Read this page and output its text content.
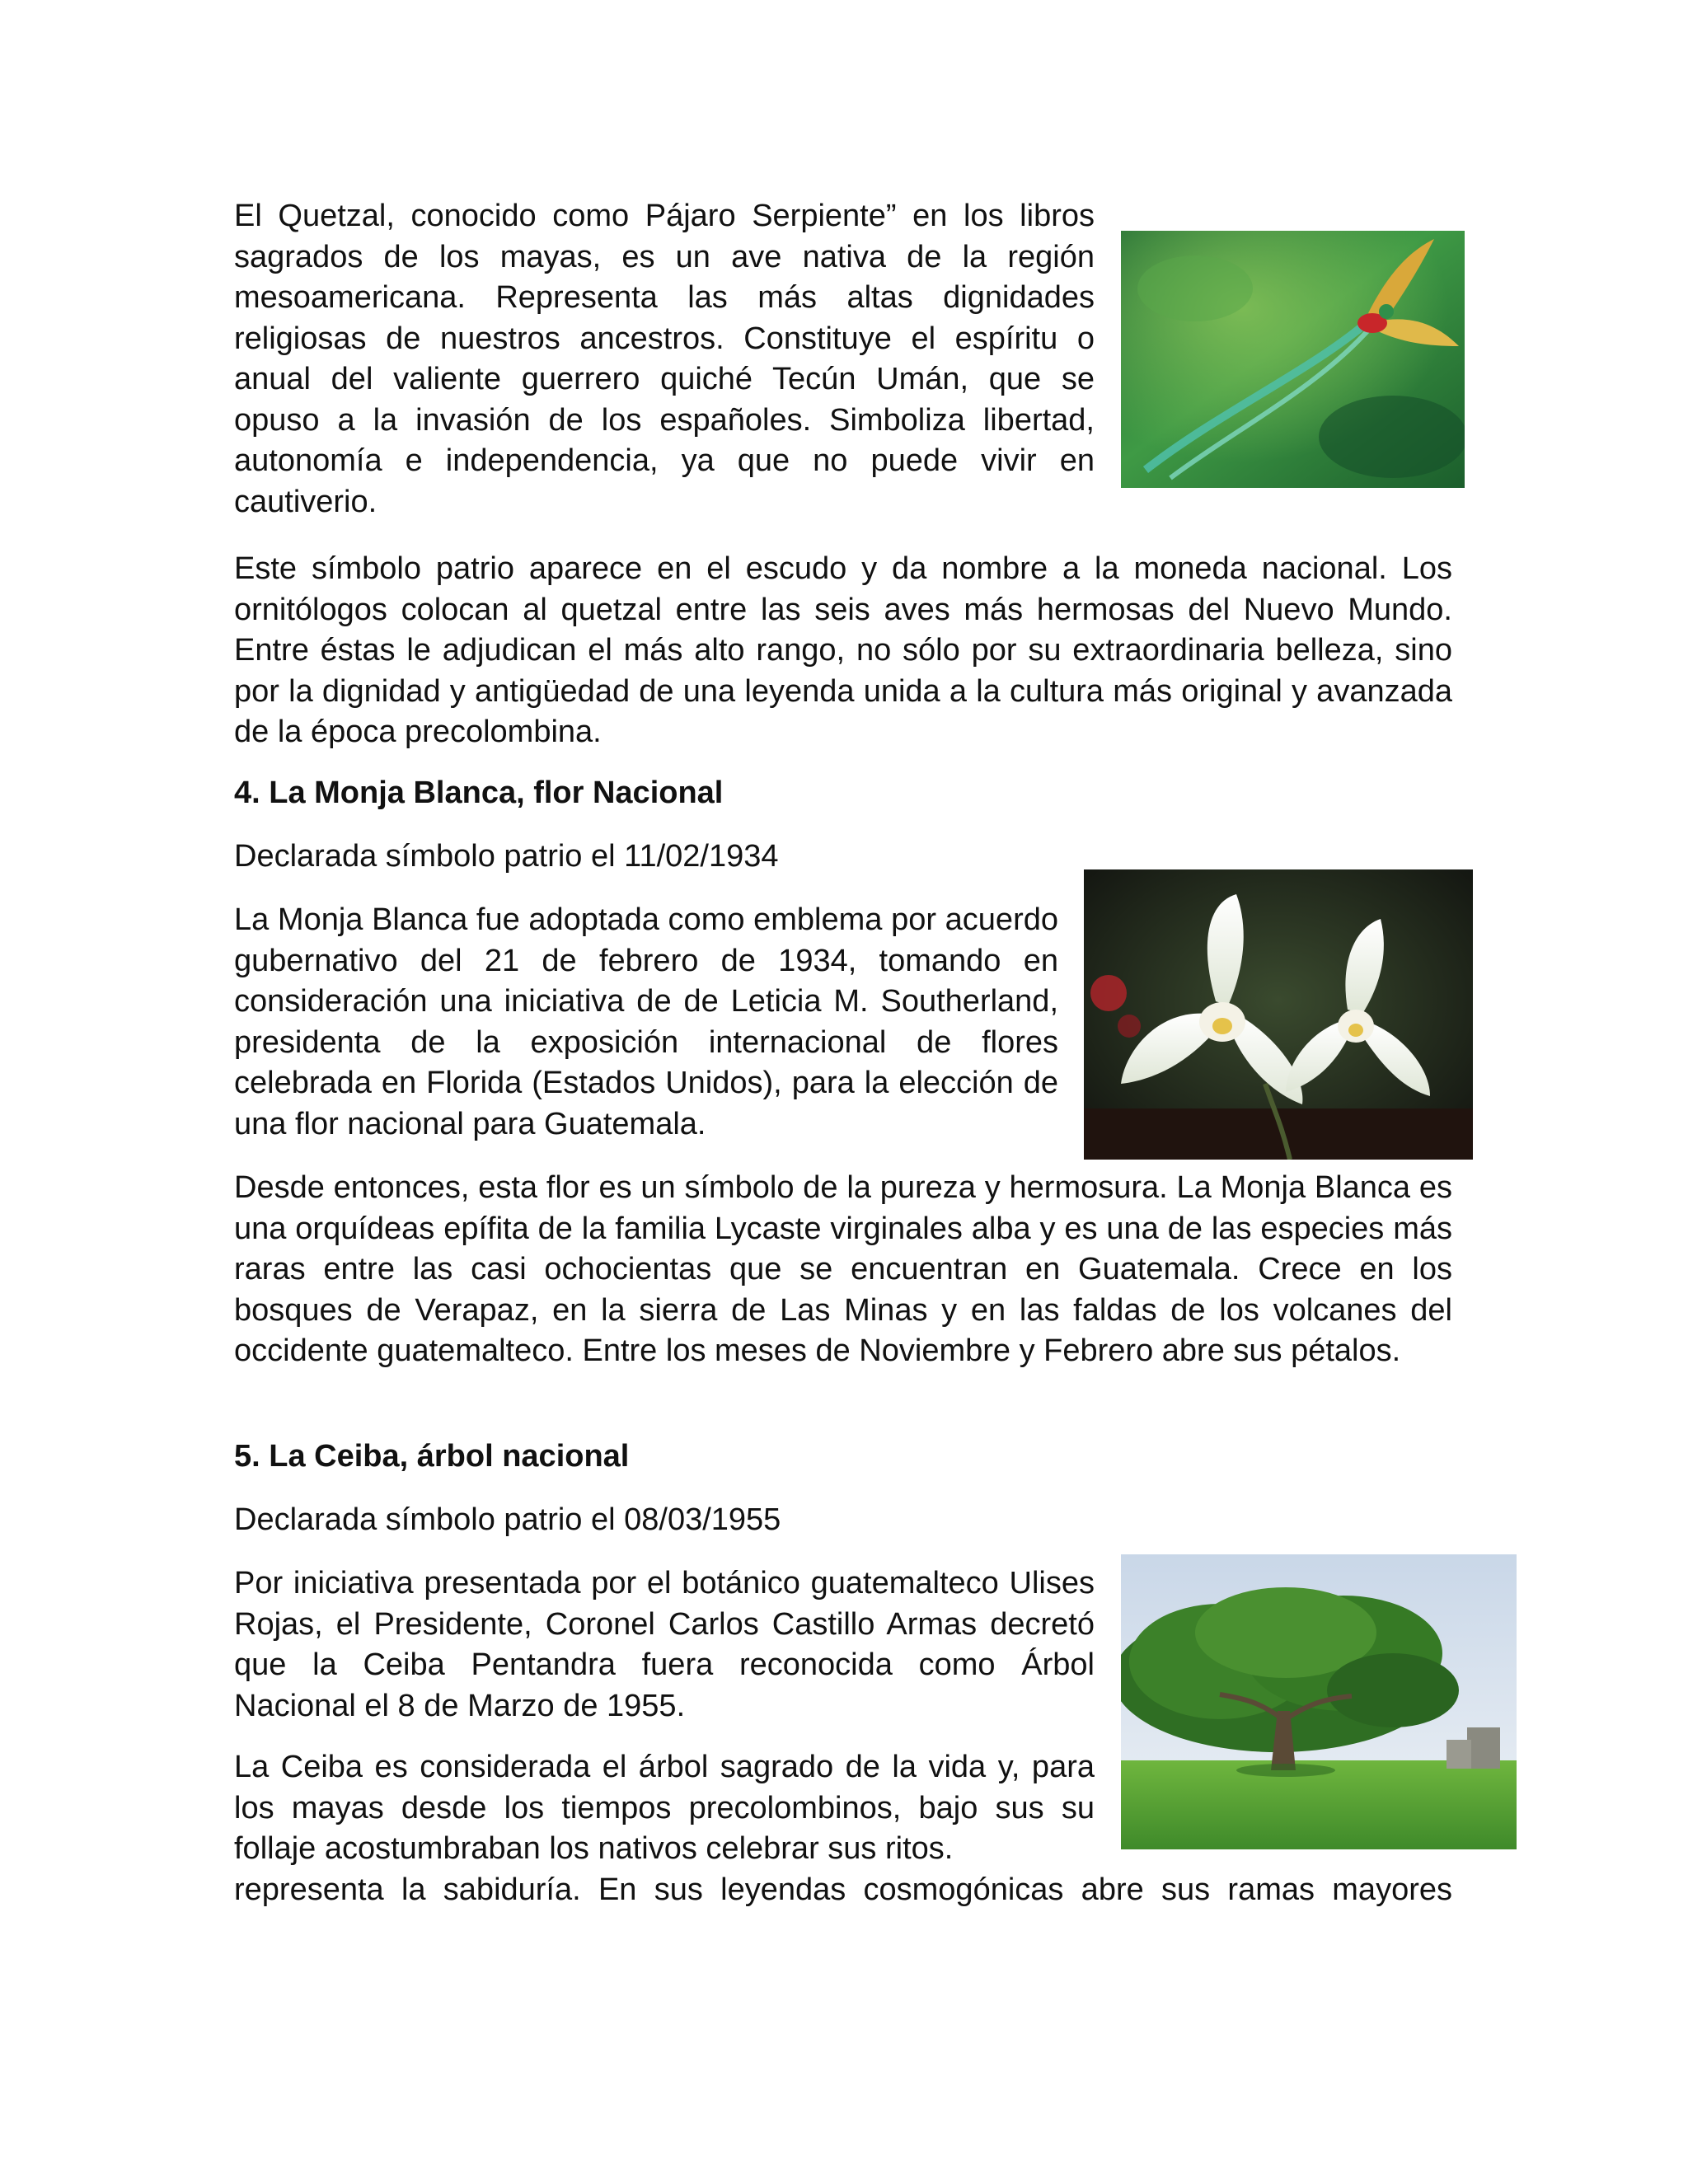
El Quetzal, conocido como Pájaro Serpiente” en los libros sagrados de los mayas, es un ave nativa de la región mesoamericana. Representa las más altas dignidades religiosas de nuestros ancestros. Constituye el espíritu o anual del valiente guerrero quiché Tecún Umán, que se opuso a la invasión de los españoles. Simboliza libertad, autonomía e independencia, ya que no puede vivir en cautiverio.

Este símbolo patrio aparece en el escudo y da nombre a la moneda nacional. Los ornitólogos colocan al quetzal entre las seis aves más hermosas del Nuevo Mundo. Entre éstas le adjudican el más alto rango, no sólo por su extraordinaria belleza, sino por la dignidad y antigüedad de una leyenda unida a la cultura más original y avanzada de la época precolombina.

4. La Monja Blanca, flor Nacional

Declarada símbolo patrio el 11/02/1934

La Monja Blanca fue adoptada como emblema por acuerdo gubernativo del 21 de febrero de 1934, tomando en consideración una iniciativa de de Leticia M. Southerland, presidenta de la exposición internacional de flores celebrada en Florida (Estados Unidos), para la elección de una flor nacional para Guatemala.

Desde entonces, esta flor es un símbolo de la pureza y hermosura. La Monja Blanca es una orquídeas epífita de la familia Lycaste virginales alba y es una de las especies más raras entre las casi ochocientas que se encuentran en Guatemala. Crece en los bosques de Verapaz, en la sierra de Las Minas y en las faldas de los volcanes del occidente guatemalteco. Entre los meses de Noviembre y Febrero abre sus pétalos.

5. La Ceiba, árbol nacional

Declarada símbolo patrio el 08/03/1955

Por iniciativa presentada por el botánico guatemalteco Ulises Rojas, el Presidente, Coronel Carlos Castillo Armas decretó que la Ceiba Pentandra fuera reconocida como Árbol Nacional el 8 de Marzo de 1955.

La Ceiba es considerada el árbol sagrado de la vida y, para los mayas desde los tiempos precolombinos, bajo sus su follaje acostumbraban los nativos celebrar sus ritos.

representa la sabiduría. En sus leyendas cosmogónicas abre sus ramas mayores
